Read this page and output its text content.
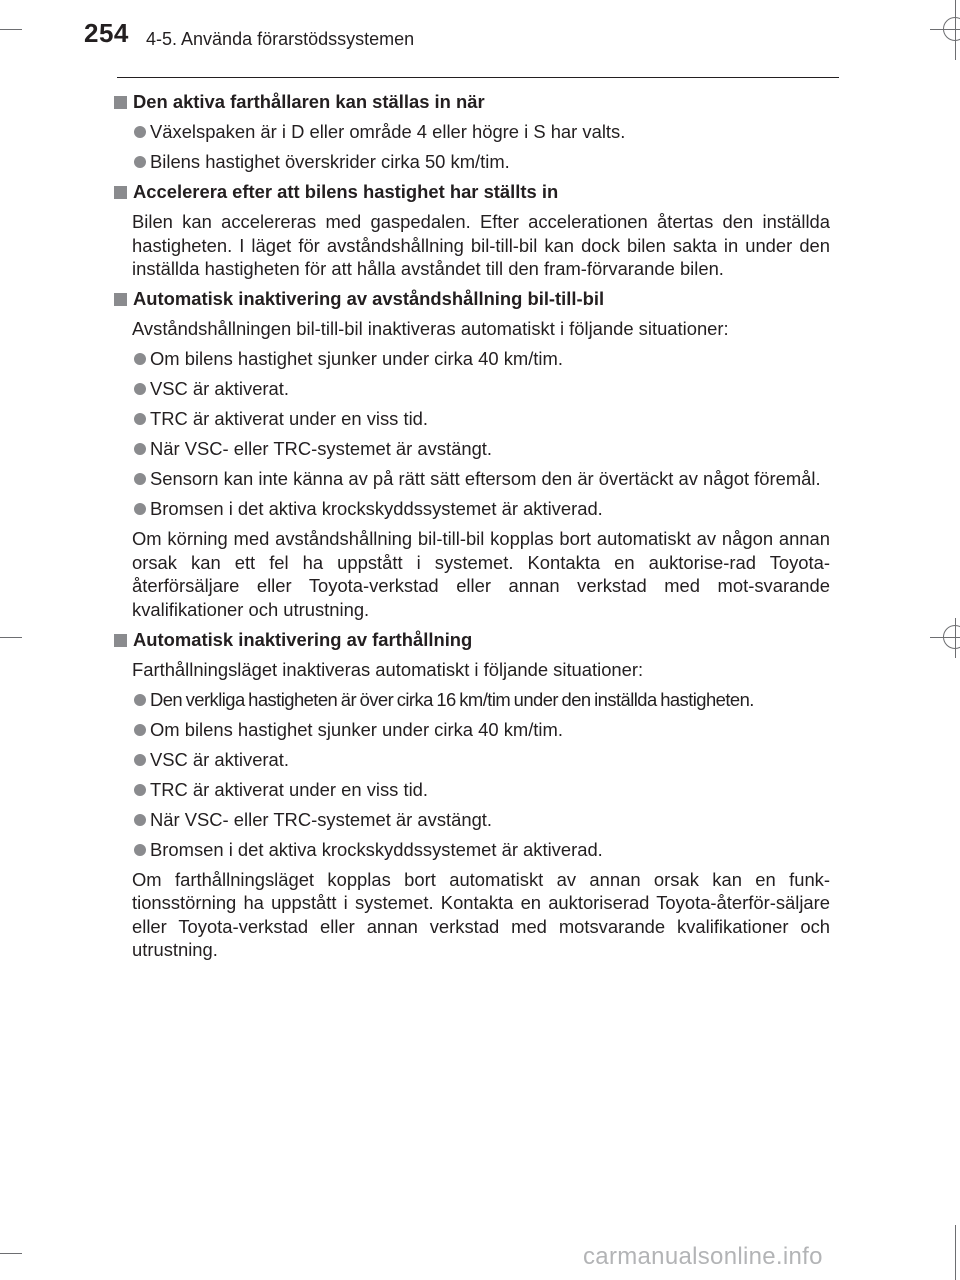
254 4-5. Använda förarstödssystemen
Den aktiva farthållaren kan ställas in när
Växelspaken är i D eller område 4 eller högre i S har valts.
Bilens hastighet överskrider cirka 50 km/tim.
Accelerera efter att bilens hastighet har ställts in
Bilen kan accelereras med gaspedalen. Efter accelerationen återtas den inställda hastigheten. I läget för avståndshållning bil-till-bil kan dock bilen sakta in under den inställda hastigheten för att hålla avståndet till den fram-förvarande bilen.
Automatisk inaktivering av avståndshållning bil-till-bil
Avståndshållningen bil-till-bil inaktiveras automatiskt i följande situationer:
Om bilens hastighet sjunker under cirka 40 km/tim.
VSC är aktiverat.
TRC är aktiverat under en viss tid.
När VSC- eller TRC-systemet är avstängt.
Sensorn kan inte känna av på rätt sätt eftersom den är övertäckt av något föremål.
Bromsen i det aktiva krockskyddssystemet är aktiverad.
Om körning med avståndshållning bil-till-bil kopplas bort automatiskt av någon annan orsak kan ett fel ha uppstått i systemet. Kontakta en auktorise-rad Toyota-återförsäljare eller Toyota-verkstad eller annan verkstad med mot-svarande kvalifikationer och utrustning.
Automatisk inaktivering av farthållning
Farthållningsläget inaktiveras automatiskt i följande situationer:
Den verkliga hastigheten är över cirka 16 km/tim under den inställda hastigheten.
Om bilens hastighet sjunker under cirka 40 km/tim.
VSC är aktiverat.
TRC är aktiverat under en viss tid.
När VSC- eller TRC-systemet är avstängt.
Bromsen i det aktiva krockskyddssystemet är aktiverad.
Om farthållningsläget kopplas bort automatiskt av annan orsak kan en funk-tionsstörning ha uppstått i systemet. Kontakta en auktoriserad Toyota-återför-säljare eller Toyota-verkstad eller annan verkstad med motsvarande kvalifikationer och utrustning.
carmanualsonline.info
